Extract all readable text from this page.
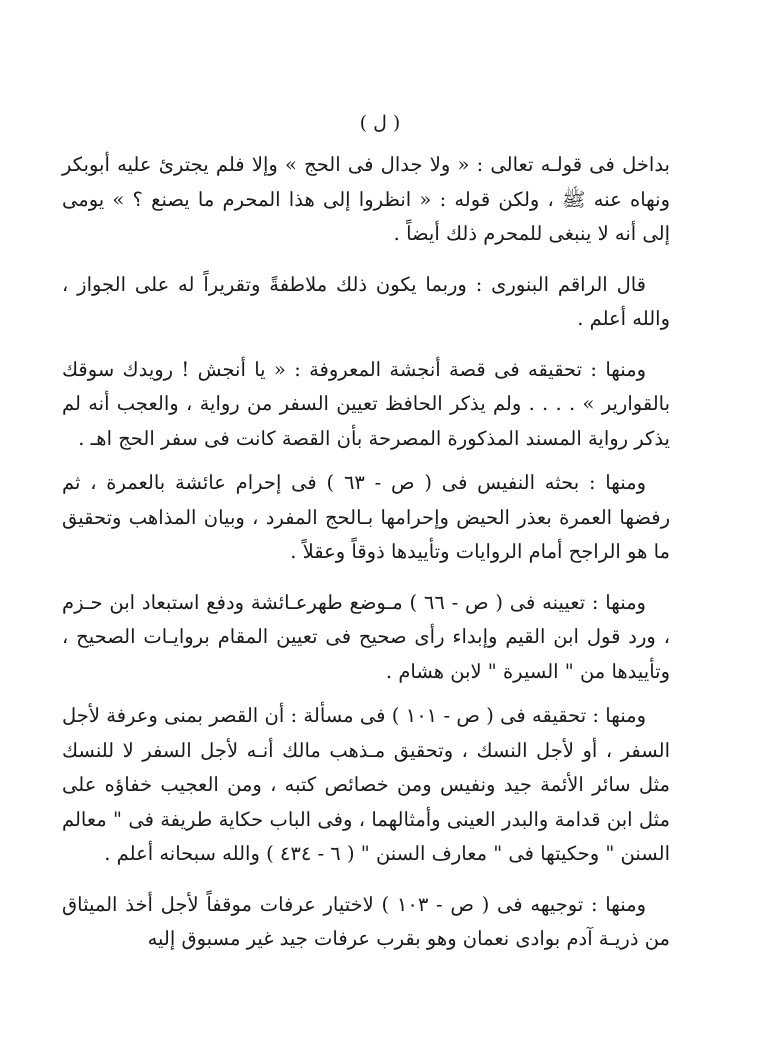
( ل )

بداخل فى قولـه تعالى : « ولا جدال فى الحج » وإلا فلم يجترئ عليه أبوبكر ونهاه عنه ﷺ ، ولكن قوله : « انظروا إلى هذا المحرم ما يصنع ؟ » يومى إلى أنه لا ينبغى للمحرم ذلك أيضاً .

قال الراقم البنورى : وربما يكون ذلك ملاطفةً وتقريراً له على الجواز ، والله أعلم .

ومنها : تحقيقه فى قصة أنجشة المعروفة : « يا أنجش ! رويدك سوقك بالقوارير » . . . . ولم يذكر الحافظ تعيين السفر من رواية ، والعجب أنه لم يذكر رواية المسند المذكورة المصرحة بأن القصة كانت فى سفر الحج اهـ .

ومنها : بحثه النفيس فى ( ص - ٦٣ ) فى إحرام عائشة بالعمرة ، ثم رفضها العمرة بعذر الحيض وإحرامها بـالحج المفرد ، وبيان المذاهب وتحقيق ما هو الراجح أمام الروايات وتأييدها ذوقاً وعقلاً .

ومنها : تعيينه فى ( ص - ٦٦ ) مـوضع طهرعـائشة ودفع استبعاد ابن حـزم ، ورد قول ابن القيم وإبداء رأى صحيح فى تعيين المقام بروايـات الصحيح ، وتأييدها من " السيرة " لابن هشام .

ومنها : تحقيقه فى ( ص - ١٠١ ) فى مسألة : أن القصر بمنى وعرفة لأجل السفر ، أو لأجل النسك ، وتحقيق مـذهب مالك أنـه لأجل السفر لا للنسك مثل سائر الأئمة جيد ونفيس ومن خصائص كتبه ، ومن العجيب خفاؤه على مثل ابن قدامة والبدر العينى وأمثالهما ، وفى الباب حكاية طريفة فى " معالم السنن " وحكيتها فى " معارف السنن " ( ٦ - ٤٣٤ ) والله سبحانه أعلم .

ومنها : توجيهه فى ( ص - ١٠٣ ) لاختيار عرفات موقفاً لأجل أخذ الميثاق من ذريـة آدم بوادى نعمان وهو بقرب عرفات جيد غير مسبوق إليه
